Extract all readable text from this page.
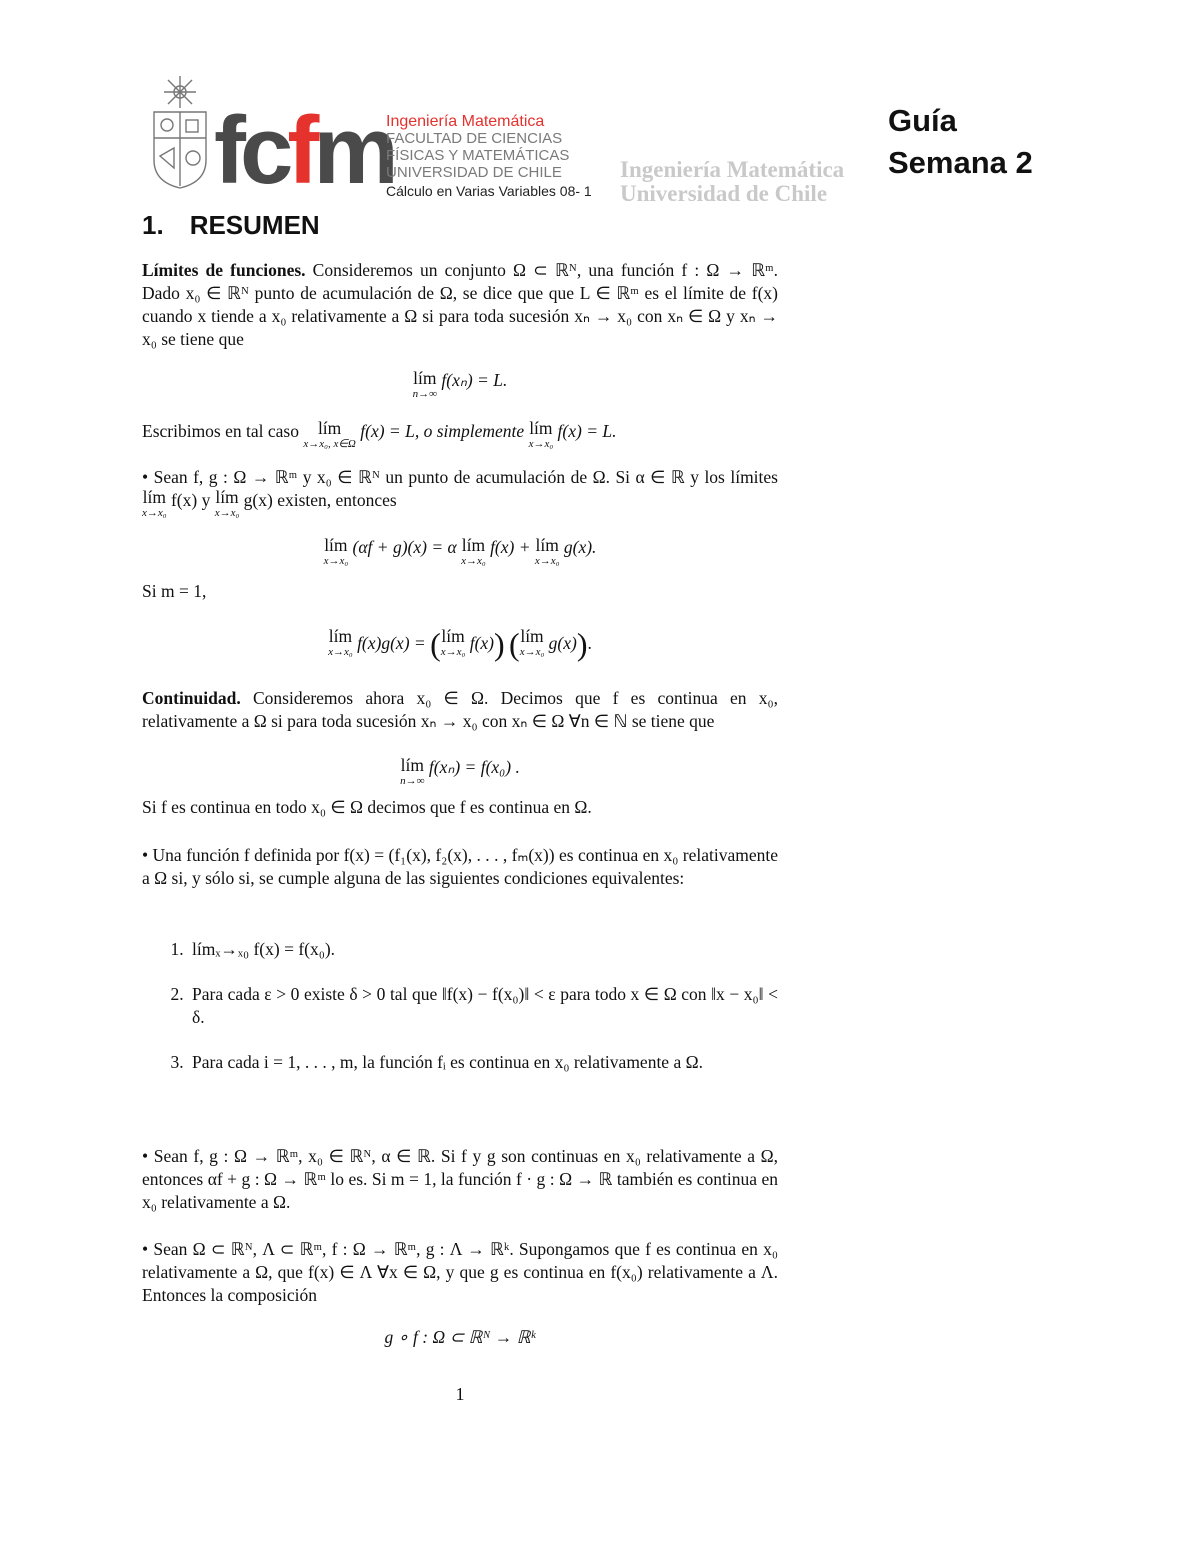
fcfm
Ingeniería Matemática
FACULTAD DE CIENCIAS
FÍSICAS Y MATEMÁTICAS
UNIVERSIDAD DE CHILE
Cálculo en Varias Variables 08- 1
Ingeniería Matemática
Universidad de Chile
Guía
Semana 2
1. RESUMEN
Límites de funciones. Consideremos un conjunto Ω ⊂ ℝᴺ, una función f : Ω → ℝᵐ. Dado x₀ ∈ ℝᴺ punto de acumulación de Ω, se dice que que L ∈ ℝᵐ es el límite de f(x) cuando x tiende a x₀ relativamente a Ω si para toda sucesión xₙ → x₀ con xₙ ∈ Ω y xₙ → x₀ se tiene que
lím
n→∞
f(xₙ) = L.
Escribimos en tal caso lím
x→x₀, x∈Ω
f(x) = L, o simplemente lím
x→x₀
f(x) = L.
• Sean f, g : Ω → ℝᵐ y x₀ ∈ ℝᴺ un punto de acumulación de Ω. Si α ∈ ℝ y los límites lím
x→x₀
f(x) y lím
x→x₀
g(x) existen, entonces
lím
x→x₀
(αf + g)(x) = α lím
x→x₀
f(x) + lím
x→x₀
g(x).
Si m = 1,
lím
x→x₀ f(x)g(x) = (lím
x→x₀ f(x)) (lím
x→x₀ g(x)).
Continuidad. Consideremos ahora x₀ ∈ Ω. Decimos que f es continua en x₀, relativamente a Ω si para toda sucesión xₙ → x₀ con xₙ ∈ Ω ∀n ∈ ℕ se tiene que
lím
n→∞
f(xₙ) = f(x₀) .
Si f es continua en todo x₀ ∈ Ω decimos que f es continua en Ω.
• Una función f definida por f(x) = (f₁(x), f₂(x), . . . , fₘ(x)) es continua en x₀ relativamente a Ω si, y sólo si, se cumple alguna de las siguientes condiciones equivalentes:
1. límₓ→ₓ₀ f(x) = f(x₀).
2. Para cada ε > 0 existe δ > 0 tal que ‖f(x) − f(x₀)‖ < ε para todo x ∈ Ω con ‖x − x₀‖ < δ.
3. Para cada i = 1, . . . , m, la función fᵢ es continua en x₀ relativamente a Ω.
• Sean f, g : Ω → ℝᵐ, x₀ ∈ ℝᴺ, α ∈ ℝ. Si f y g son continuas en x₀ relativamente a Ω, entonces αf + g : Ω → ℝᵐ lo es. Si m = 1, la función f · g : Ω → ℝ también es continua en x₀ relativamente a Ω.
• Sean Ω ⊂ ℝᴺ, Λ ⊂ ℝᵐ, f : Ω → ℝᵐ, g : Λ → ℝᵏ. Supongamos que f es continua en x₀ relativamente a Ω, que f(x) ∈ Λ ∀x ∈ Ω, y que g es continua en f(x₀) relativamente a Λ. Entonces la composición
g ∘ f : Ω ⊂ ℝᴺ → ℝᵏ
1
